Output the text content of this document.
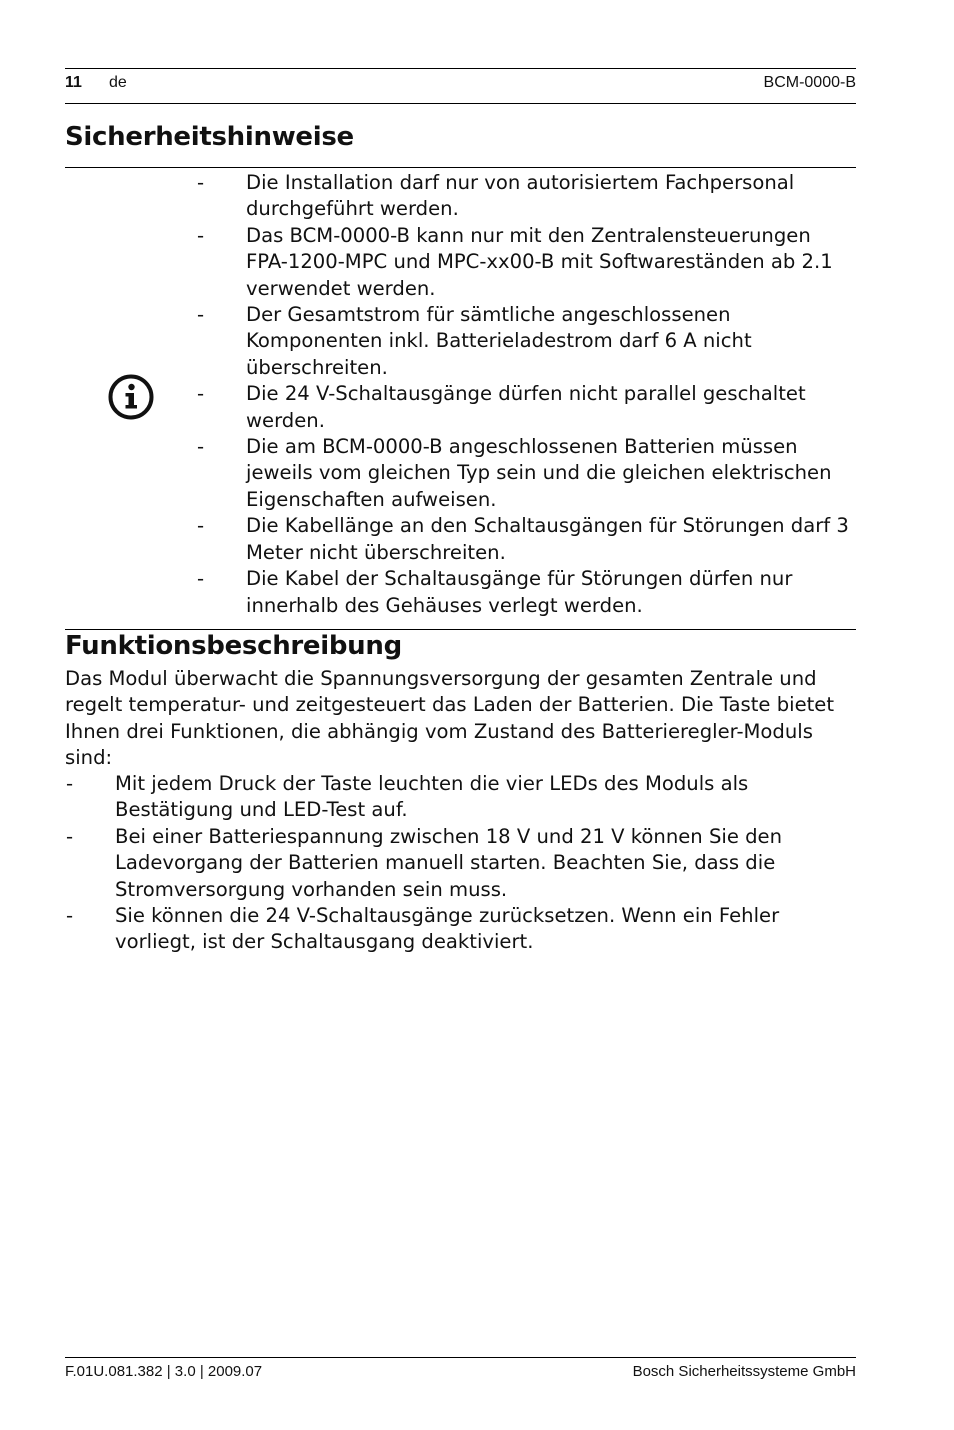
11 de	BCM-0000-B
Sicherheitshinweise
- Die Installation darf nur von autorisiertem Fachpersonal durchgeführt werden.
- Das BCM-0000-B kann nur mit den Zentralensteuerungen FPA-1200-MPC und MPC-xx00-B mit Softwareständen ab 2.1 verwendet werden.
- Der Gesamtstrom für sämtliche angeschlossenen Komponenten inkl. Batterieladestrom darf 6 A nicht überschreiten.
- Die 24 V-Schaltausgänge dürfen nicht parallel geschaltet werden.
- Die am BCM-0000-B angeschlossenen Batterien müssen jeweils vom gleichen Typ sein und die gleichen elektrischen Eigenschaften aufweisen.
- Die Kabellänge an den Schaltausgängen für Störungen darf 3 Meter nicht überschreiten.
- Die Kabel der Schaltausgänge für Störungen dürfen nur innerhalb des Gehäuses verlegt werden.
Funktionsbeschreibung

Das Modul überwacht die Spannungsversorgung der gesamten Zentrale und regelt temperatur- und zeitgesteuert das Laden der Batterien. Die Taste bietet Ihnen drei Funktionen, die abhängig vom Zustand des Batterieregler-Moduls sind:

- Mit jedem Druck der Taste leuchten die vier LEDs des Moduls als Bestätigung und LED-Test auf.
- Bei einer Batteriespannung zwischen 18 V und 21 V können Sie den Ladevorgang der Batterien manuell starten. Beachten Sie, dass die Stromversorgung vorhanden sein muss.
- Sie können die 24 V-Schaltausgänge zurücksetzen. Wenn ein Fehler vorliegt, ist der Schaltausgang deaktiviert.
F.01U.081.382 | 3.0 | 2009.07	Bosch Sicherheitssysteme GmbH
